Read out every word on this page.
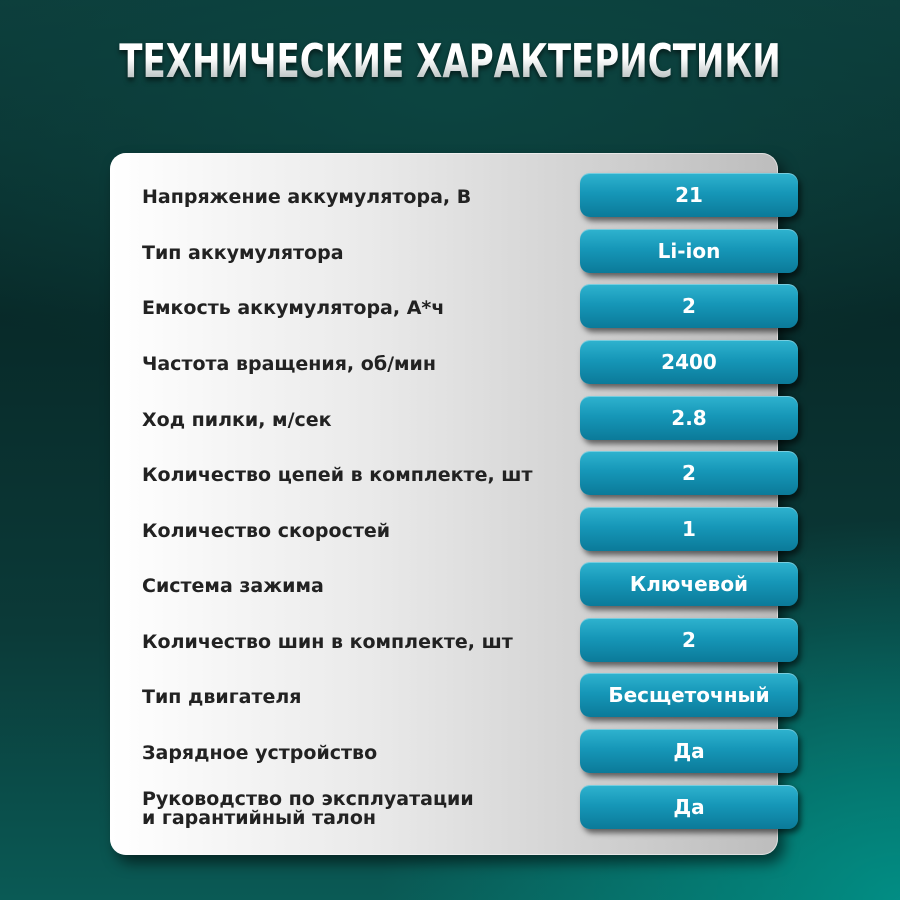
ТЕХНИЧЕСКИЕ ХАРАКТЕРИСТИКИ
Напряжение аккумулятора, В	21
Тип аккумулятора	Li-ion
Емкость аккумулятора, А*ч	2
Частота вращения, об/мин	2400
Ход пилки, м/сек	2.8
Количество цепей в комплекте, шт	2
Количество скоростей	1
Система зажима	Ключевой
Количество шин в комплекте, шт	2
Тип двигателя	Бесщеточный
Зарядное устройство	Да
Руководство по эксплуатации
и гарантийный талон	Да
